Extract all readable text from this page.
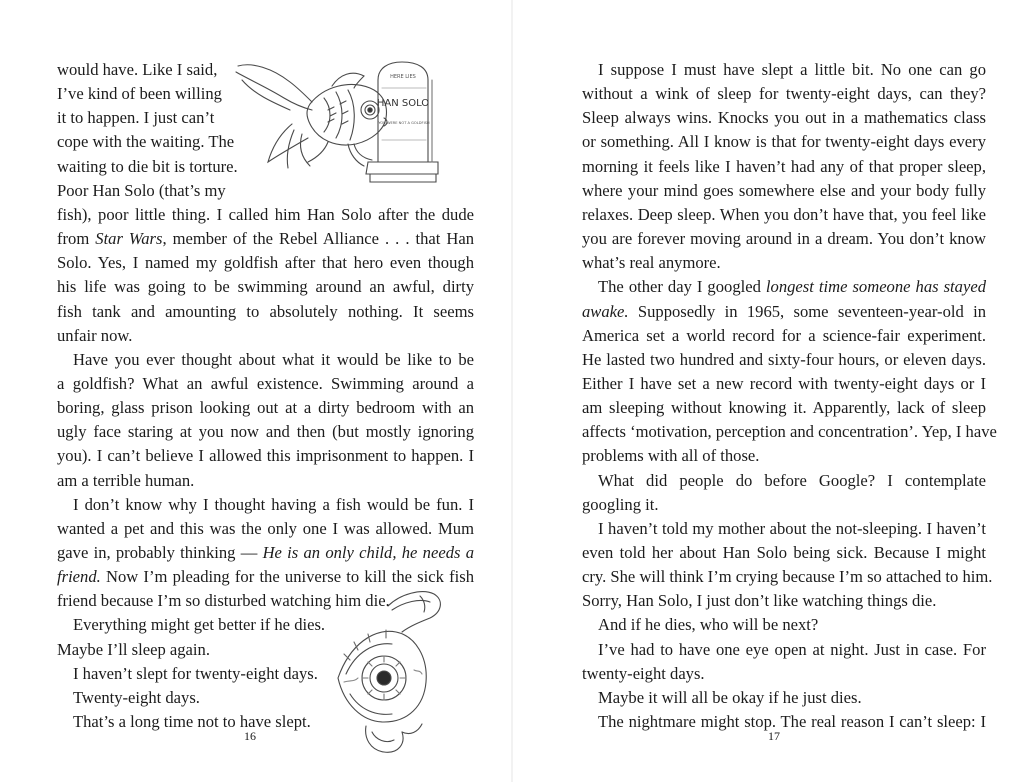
HERE LIES
HAN SOLO
YOU WERE NOT A GOLDFISH

would have. Like I said,

I’ve kind of been willing

it to happen. I just can’t

cope with the waiting. The

waiting to die bit is torture.

Poor Han Solo (that’s my

fish), poor little thing. I called him Han Solo after the dude

from Star Wars, member of the Rebel Alliance . . . that Han

Solo. Yes, I named my goldfish after that hero even though

his life was going to be swimming around an awful, dirty

fish tank and amounting to absolutely nothing. It seems

unfair now.

Have you ever thought about what it would be like to be

a goldfish? What an awful existence. Swimming around a

boring, glass prison looking out at a dirty bedroom with an

ugly face staring at you now and then (but mostly ignoring

you). I can’t believe I allowed this imprisonment to happen. I

am a terrible human.

I don’t know why I thought having a fish would be fun. I

wanted a pet and this was the only one I was allowed. Mum

gave in, probably thinking — He is an only child, he needs a

friend. Now I’m pleading for the universe to kill the sick fish

friend because I’m so disturbed watching him die.

Everything might get better if he dies.

Maybe I’ll sleep again.

I haven’t slept for twenty-eight days.

Twenty-eight days.

That’s a long time not to have slept.

16

I suppose I must have slept a little bit. No one can go

without a wink of sleep for twenty-eight days, can they?

Sleep always wins. Knocks you out in a mathematics class

or something. All I know is that for twenty-eight days every

morning it feels like I haven’t had any of that proper sleep,

where your mind goes somewhere else and your body fully

relaxes. Deep sleep. When you don’t have that, you feel like

you are forever moving around in a dream. You don’t know

what’s real anymore.

The other day I googled longest time someone has stayed

awake. Supposedly in 1965, some seventeen-year-old in

America set a world record for a science-fair experiment.

He lasted two hundred and sixty-four hours, or eleven days.

Either I have set a new record with twenty-eight days or I

am sleeping without knowing it. Apparently, lack of sleep

affects ‘motivation, perception and concentration’. Yep, I have

problems with all of those.

What did people do before Google? I contemplate

googling it.

I haven’t told my mother about the not-sleeping. I haven’t

even told her about Han Solo being sick. Because I might

cry. She will think I’m crying because I’m so attached to him.

Sorry, Han Solo, I just don’t like watching things die.

And if he dies, who will be next?

I’ve had to have one eye open at night. Just in case. For

twenty-eight days.

Maybe it will all be okay if he just dies.

The nightmare might stop. The real reason I can’t sleep: I

17
